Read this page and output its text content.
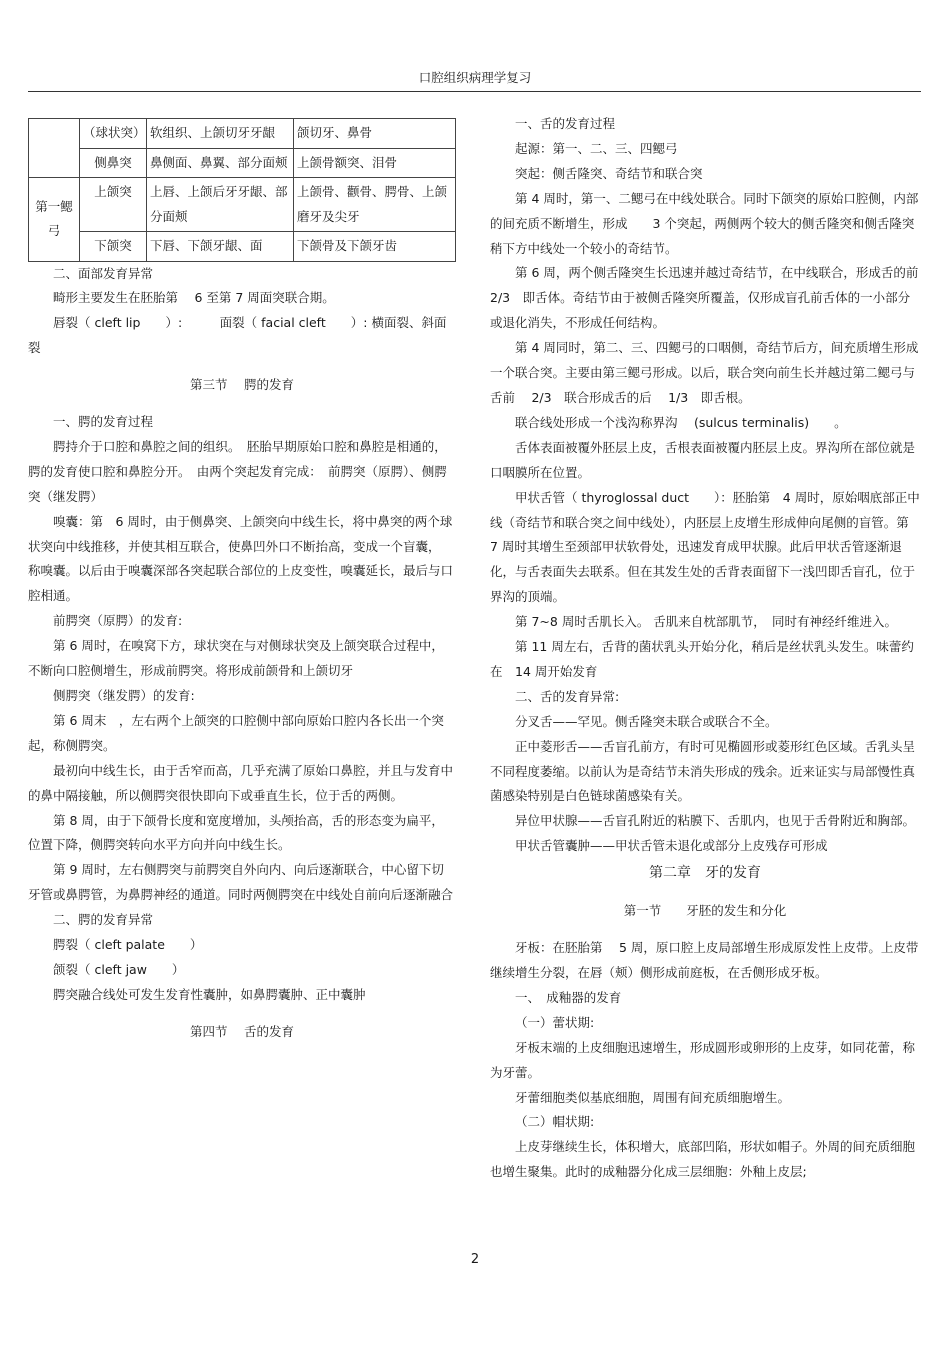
口腔组织病理学复习
	（球状突）	软组织、上颌切牙牙龈	颌切牙、鼻骨
	侧鼻突	鼻侧面、鼻翼、部分面颊	上颌骨额突、泪骨
第一鳃弓	上颌突	上唇、上颌后牙牙龈、部分面颊	上颌骨、颧骨、腭骨、上颌磨牙及尖牙
	下颌突	下唇、下颌牙龈、面	下颌骨及下颌牙齿

二、面部发育异常

畸形主要发生在胚胎第　 6 至第 7 周面突联合期。

唇裂（ cleft lip　　）:　　　面裂（ facial cleft　　）: 横面裂、斜面裂

第三节　 腭的发育

一、腭的发育过程

腭持介于口腔和鼻腔之间的组织。　胚胎早期原始口腔和鼻腔是相通的，腭的发育使口腔和鼻腔分开。　由两个突起发育完成：　前腭突（原腭）、侧腭突（继发腭）

嗅囊：第　6 周时，由于侧鼻突、上颌突向中线生长，将中鼻突的两个球状突向中线推移，并使其相互联合，使鼻凹外口不断抬高，变成一个盲囊，　称嗅囊。以后由于嗅囊深部各突起联合部位的上皮变性，嗅囊延长，最后与口腔相通。

前腭突（原腭）的发育:

第 6 周时，在嗅窝下方，球状突在与对侧球状突及上颌突联合过程中，不断向口腔侧增生，形成前腭突。将形成前颌骨和上颌切牙

侧腭突（继发腭）的发育:

第 6 周末　，左右两个上颌突的口腔侧中部向原始口腔内各长出一个突起，称侧腭突。

最初向中线生长，由于舌窄而高，几乎充满了原始口鼻腔，并且与发育中的鼻中隔接触，所以侧腭突很快即向下或垂直生长，位于舌的两侧。

第 8 周，由于下颌骨长度和宽度增加，头颅抬高，舌的形态变为扁平，位置下降，侧腭突转向水平方向并向中线生长。

第 9 周时，左右侧腭突与前腭突自外向内、向后逐渐联合，中心留下切牙管或鼻腭管，为鼻腭神经的通道。同时两侧腭突在中线处自前向后逐渐融合

二、腭的发育异常

腭裂（ cleft palate　　）

颌裂（ cleft jaw　　）

腭突融合线处可发生发育性囊肿，如鼻腭囊肿、正中囊肿

第四节　 舌的发育

一、舌的发育过程

起源：第一、二、三、四鳃弓

突起：侧舌隆突、奇结节和联合突

第 4 周时，第一、二鳃弓在中线处联合。同时下颌突的原始口腔侧，内部的间充质不断增生，形成　　3 个突起，两侧两个较大的侧舌隆突和侧舌隆突稍下方中线处一个较小的奇结节。

第 6 周，两个侧舌隆突生长迅速并越过奇结节，在中线联合，形成舌的前　2/3　即舌体。奇结节由于被侧舌隆突所覆盖，仅形成盲孔前舌体的一小部分或退化消失，不形成任何结构。

第 4 周同时，第二、三、四鳃弓的口咽侧，奇结节后方，间充质增生形成一个联合突。主要由第三鳃弓形成。以后，联合突向前生长并越过第二鳃弓与舌前　 2/3　联合形成舌的后　 1/3　即舌根。

联合线处形成一个浅沟称界沟　 (sulcus terminalis)　　。

舌体表面被覆外胚层上皮，舌根表面被覆内胚层上皮。界沟所在部位就是口咽膜所在位置。

甲状舌管（ thyroglossal duct　　）：胚胎第　4 周时，原始咽底部正中线（奇结节和联合突之间中线处），内胚层上皮增生形成伸向尾侧的盲管。第　7 周时其增生至颈部甲状软骨处，迅速发育成甲状腺。此后甲状舌管逐渐退化，与舌表面失去联系。但在其发生处的舌背表面留下一浅凹即舌盲孔，位于界沟的顶端。

第 7~8 周时舌肌长入。 舌肌来自枕部肌节，　同时有神经纤维进入。

第 11 周左右，舌背的菌状乳头开始分化，稍后是丝状乳头发生。味蕾约在　14 周开始发育

二、舌的发育异常:

分叉舌——罕见。侧舌隆突未联合或联合不全。

正中菱形舌——舌盲孔前方，有时可见椭圆形或菱形红色区域。舌乳头呈不同程度萎缩。以前认为是奇结节未消失形成的残余。近来证实与局部慢性真菌感染特别是白色链球菌感染有关。

异位甲状腺——舌盲孔附近的粘膜下、舌肌内，也见于舌骨附近和胸部。

甲状舌管囊肿——甲状舌管未退化或部分上皮残存可形成

第二章　牙的发育

第一节　　牙胚的发生和分化

牙板：在胚胎第　 5 周，原口腔上皮局部增生形成原发性上皮带。上皮带继续增生分裂，在唇（颊）侧形成前庭板，在舌侧形成牙板。

一、　成釉器的发育

（一）蕾状期:

牙板末端的上皮细胞迅速增生，形成圆形或卵形的上皮芽，如同花蕾，称为牙蕾。

牙蕾细胞类似基底细胞，周围有间充质细胞增生。

（二）帽状期:

上皮芽继续生长，体积增大，底部凹陷，形状如帽子。外周的间充质细胞也增生聚集。此时的成釉器分化成三层细胞：外釉上皮层;

2
